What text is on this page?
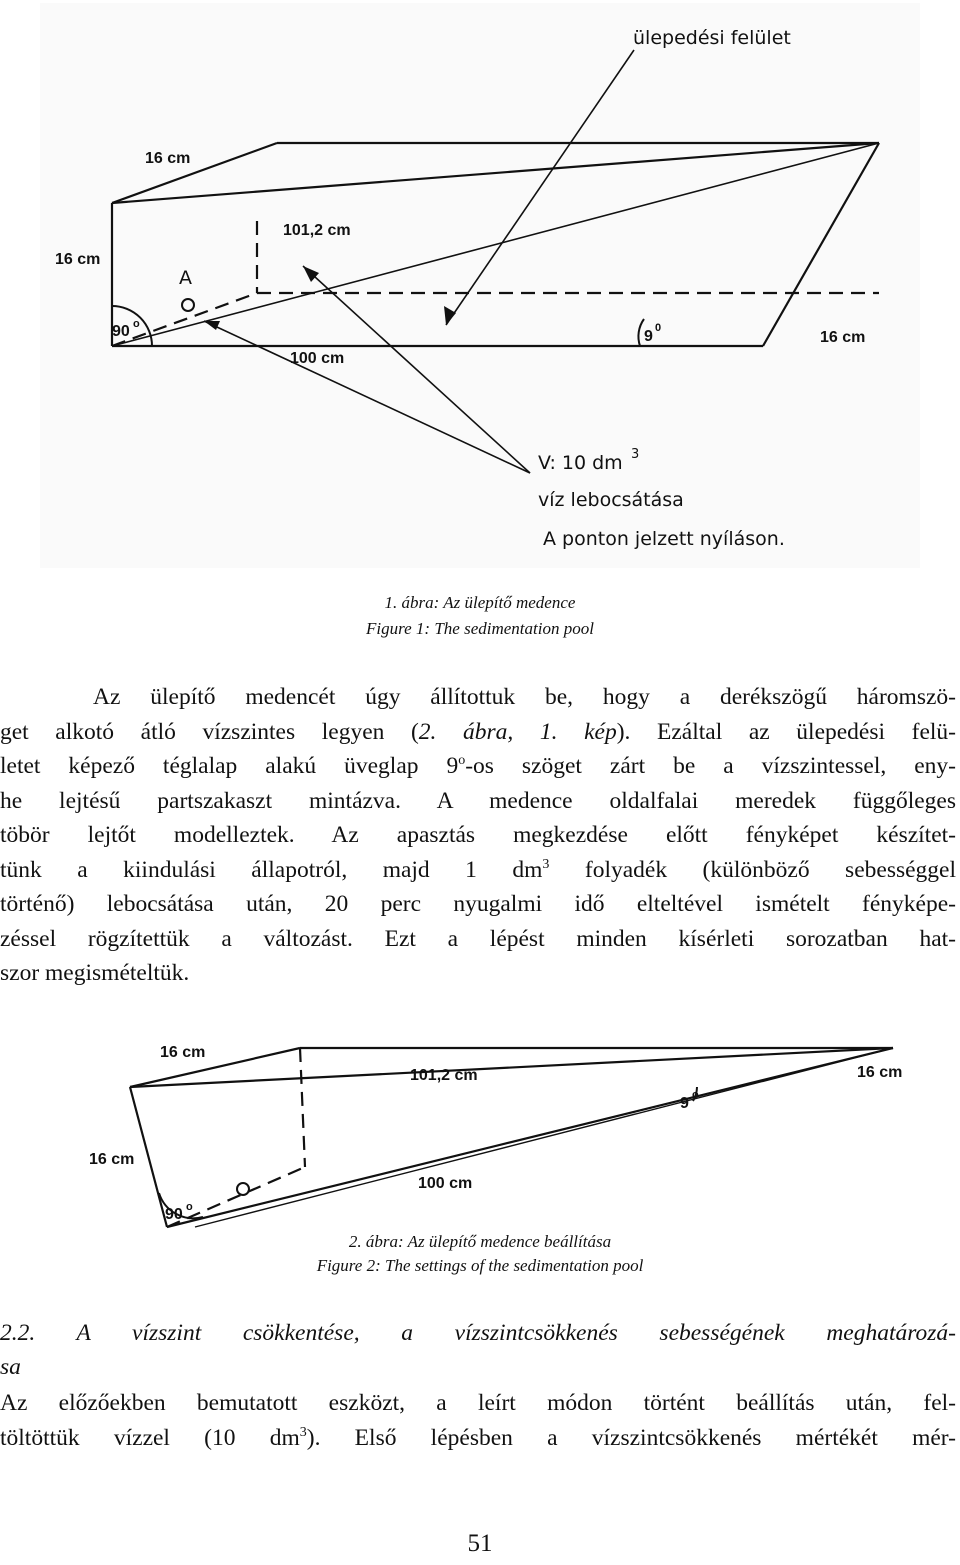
ülepedési felület
16 cm
16 cm
101,2 cm
A
90 o
100 cm
9 0
16 cm
V: 10 dm 3
víz lebocsátása
A ponton jelzett nyíláson.
1. ábra: Az ülepítő medence
Figure 1: The sedimentation pool
Az ülepítő medencét úgy állítottuk be, hogy a derékszögű háromszö-
get alkotó átló vízszintes legyen (2. ábra, 1. kép). Ezáltal az ülepedési felü-
letet képező téglalap alakú üveglap 9$^o$-os szöget zárt be a vízszintessel, eny-
he lejtésű partszakaszt mintázva. A medence oldalfalai meredek függőleges
töbör lejtőt modelleztek. Az apasztás megkezdése előtt fényképet készítet-
tünk a kiindulási állapotról, majd 1 $dm^3$ folyadék (különböző sebességgel
történő) lebocsátása után, 20 perc nyugalmi idő elteltével ismételt fényképe-
zéssel rögzítettük a változást. Ezt a lépést minden kísérleti sorozatban hat-
szor megismételtük.
16 cm
101,2 cm	16 cm
9 o
16 cm
100 cm
90 o
2. ábra: Az ülepítő medence beállítása
Figure 2: The settings of the sedimentation pool
2.2. A vízszint csökkentése, a vízszintcsökkenés sebességének meghatározá-
sa
Az előzőekben bemutatott eszközt, a leírt módon történt beállítás után, fel-
töltöttük vízzel (10 $dm^3$). Első lépésben a vízszintcsökkenés mértékét mér-
51
